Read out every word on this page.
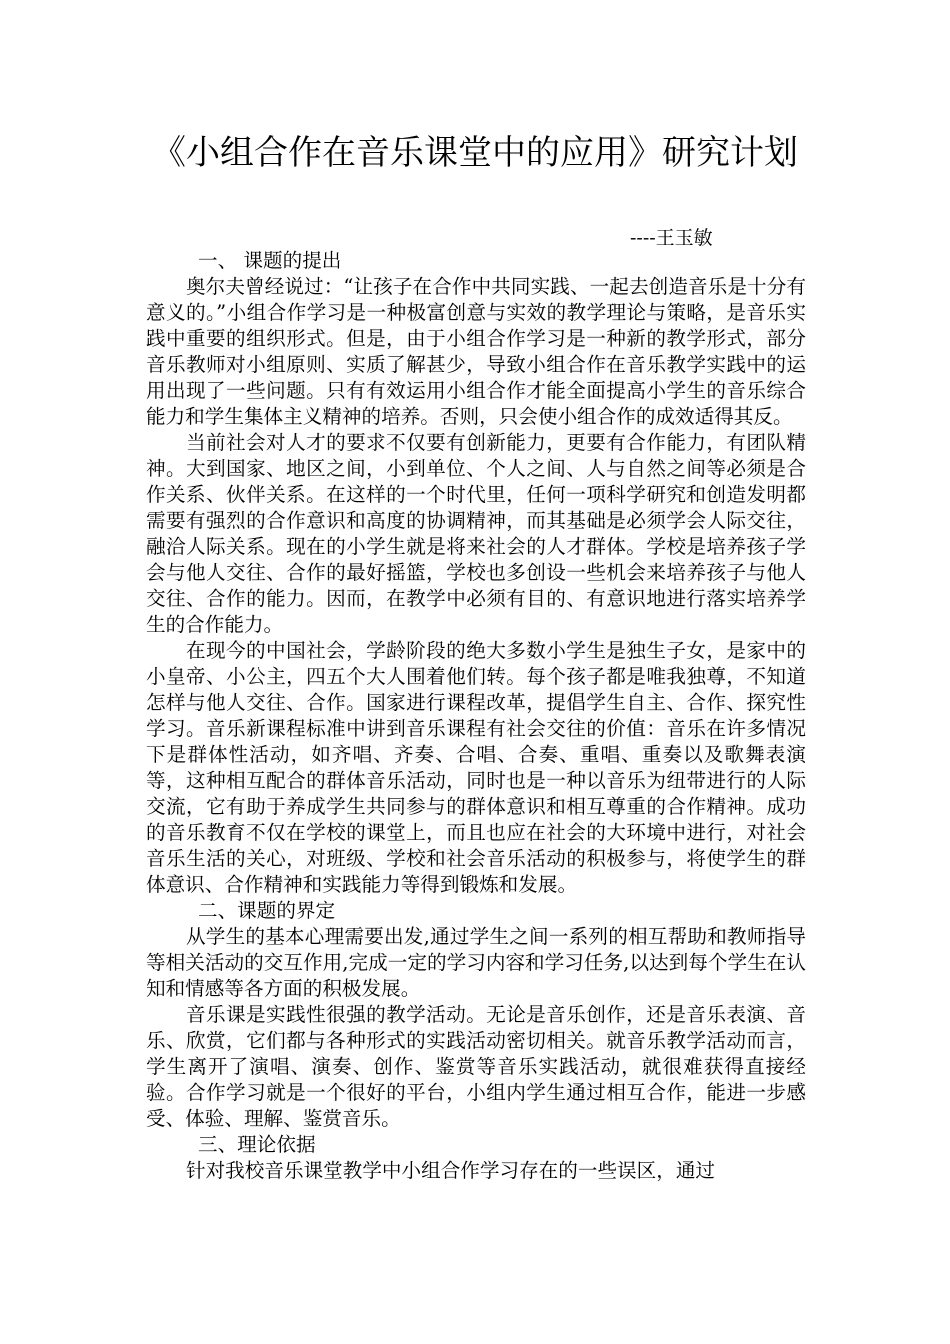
《小组合作在音乐课堂中的应用》研究计划
----王玉敏
一、 课题的提出

奥尔夫曾经说过：“让孩子在合作中共同实践、一起去创造音乐是十分有意义的。”小组合作学习是一种极富创意与实效的教学理论与策略，是音乐实践中重要的组织形式。但是，由于小组合作学习是一种新的教学形式，部分音乐教师对小组原则、实质了解甚少，导致小组合作在音乐教学实践中的运用出现了一些问题。只有有效运用小组合作才能全面提高小学生的音乐综合能力和学生集体主义精神的培养。否则，只会使小组合作的成效适得其反。

当前社会对人才的要求不仅要有创新能力，更要有合作能力，有团队精神。大到国家、地区之间，小到单位、个人之间、人与自然之间等必须是合作关系、伙伴关系。在这样的一个时代里，任何一项科学研究和创造发明都需要有强烈的合作意识和高度的协调精神，而其基础是必须学会人际交往，融洽人际关系。现在的小学生就是将来社会的人才群体。学校是培养孩子学会与他人交往、合作的最好摇篮，学校也多创设一些机会来培养孩子与他人交往、合作的能力。因而，在教学中必须有目的、有意识地进行落实培养学生的合作能力。

在现今的中国社会，学龄阶段的绝大多数小学生是独生子女，是家中的小皇帝、小公主，四五个大人围着他们转。每个孩子都是唯我独尊，不知道怎样与他人交往、合作。国家进行课程改革，提倡学生自主、合作、探究性学习。音乐新课程标准中讲到音乐课程有社会交往的价值：音乐在许多情况下是群体性活动，如齐唱、齐奏、合唱、合奏、重唱、重奏以及歌舞表演等，这种相互配合的群体音乐活动，同时也是一种以音乐为纽带进行的人际交流，它有助于养成学生共同参与的群体意识和相互尊重的合作精神。成功的音乐教育不仅在学校的课堂上，而且也应在社会的大环境中进行，对社会音乐生活的关心，对班级、学校和社会音乐活动的积极参与，将使学生的群体意识、合作精神和实践能力等得到锻炼和发展。

二、课题的界定

从学生的基本心理需要出发,通过学生之间一系列的相互帮助和教师指导等相关活动的交互作用,完成一定的学习内容和学习任务,以达到每个学生在认知和情感等各方面的积极发展。

音乐课是实践性很强的教学活动。无论是音乐创作，还是音乐表演、音乐、欣赏，它们都与各种形式的实践活动密切相关。就音乐教学活动而言，学生离开了演唱、演奏、创作、鉴赏等音乐实践活动，就很难获得直接经验。合作学习就是一个很好的平台，小组内学生通过相互合作，能进一步感受、体验、理解、鉴赏音乐。

三、理论依据

针对我校音乐课堂教学中小组合作学习存在的一些误区，通过
